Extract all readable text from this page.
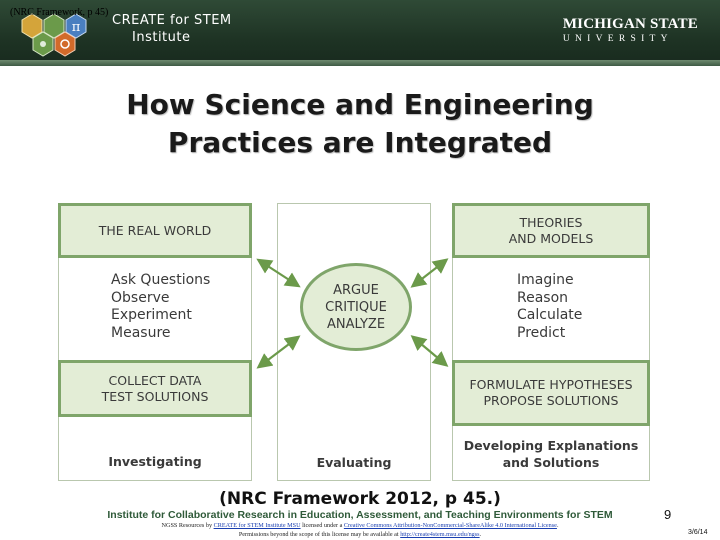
π
(NRC Framework, p 45)
CREATE for STEM
Institute
MICHIGAN STATE
UNIVERSITY
How Science and Engineering
Practices are Integrated
THE REAL WORLD
Ask Questions
Observe
Experiment
Measure
COLLECT DATA
TEST SOLUTIONS
Investigating
ARGUE
CRITIQUE
ANALYZE
Evaluating
THEORIES
AND MODELS
Imagine
Reason
Calculate
Predict
FORMULATE HYPOTHESES
PROPOSE SOLUTIONS
Developing Explanations
and Solutions
(NRC Framework 2012, p 45.)
Institute for Collaborative Research in Education, Assessment, and Teaching Environments for STEM
NGSS Resources by CREATE for STEM Institute MSU licensed under a Creative Commons Attribution-NonCommercial-ShareAlike 4.0 International License.
Permissions beyond the scope of this license may be available at http://create4stem.msu.edu/ngss.
9
3/6/14
